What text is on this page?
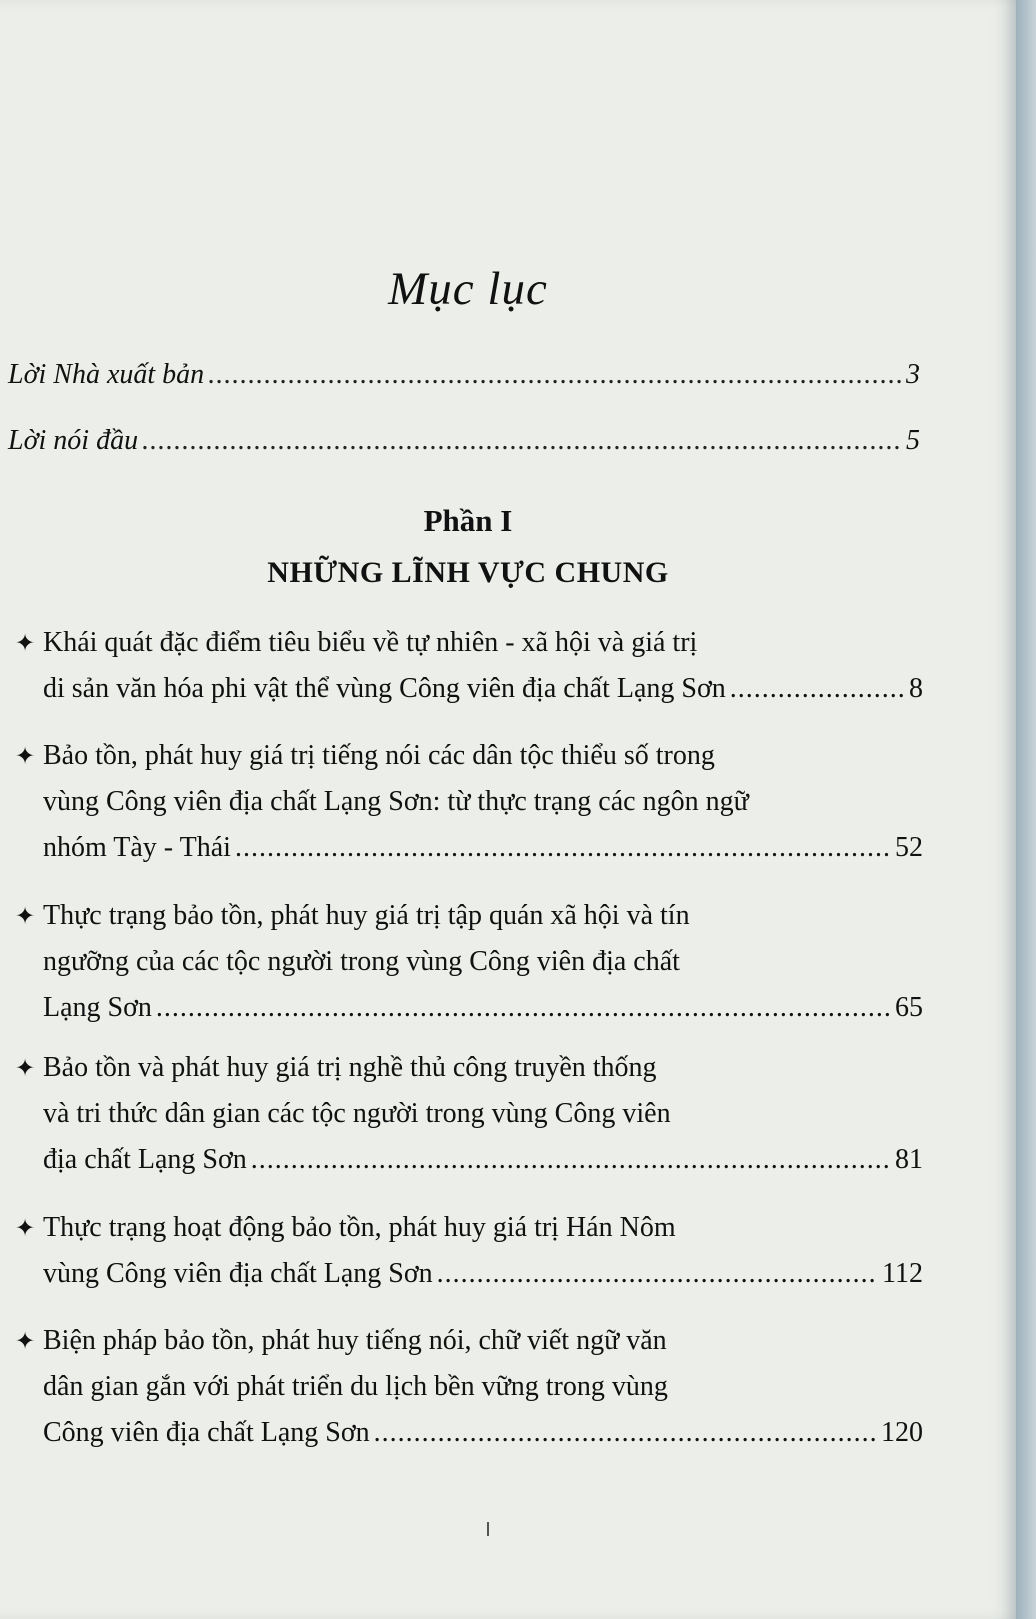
Mục lục
Lời Nhà xuất bản .....	3
Lời nói đầu .....	5
Phần I
NHỮNG LĨNH VỰC CHUNG
✦ Khái quát đặc điểm tiêu biểu về tự nhiên - xã hội và giá trị
di sản văn hóa phi vật thể vùng Công viên địa chất Lạng Sơn .....	8
✦ Bảo tồn, phát huy giá trị tiếng nói các dân tộc thiểu số trong
vùng Công viên địa chất Lạng Sơn: từ thực trạng các ngôn ngữ
nhóm Tày - Thái .....	52
✦ Thực trạng bảo tồn, phát huy giá trị tập quán xã hội và tín
ngưỡng của các tộc người trong vùng Công viên địa chất
Lạng Sơn .....	65
✦ Bảo tồn và phát huy giá trị nghề thủ công truyền thống
và tri thức dân gian các tộc người trong vùng Công viên
địa chất Lạng Sơn .....	81
✦ Thực trạng hoạt động bảo tồn, phát huy giá trị Hán Nôm
vùng Công viên địa chất Lạng Sơn .....	112
✦ Biện pháp bảo tồn, phát huy tiếng nói, chữ viết ngữ văn
dân gian gắn với phát triển du lịch bền vững trong vùng
Công viên địa chất Lạng Sơn .....	120
